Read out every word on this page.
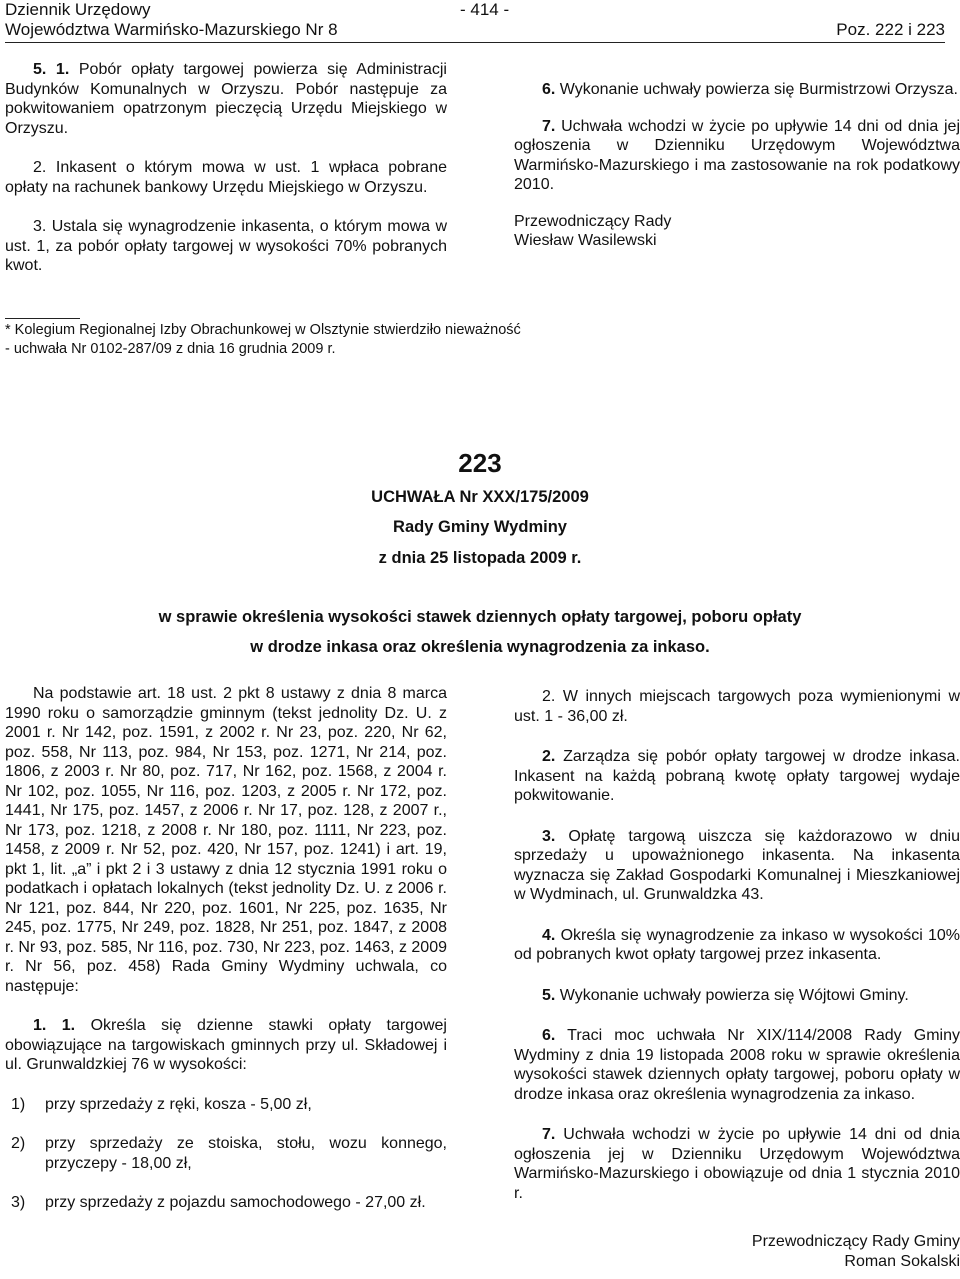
Dziennik Urzędowy
Województwa Warmińsko-Mazurskiego Nr 8
- 414 -
Poz. 222 i 223

5. 1. Pobór opłaty targowej powierza się Administracji Budynków Komunalnych w Orzyszu. Pobór następuje za pokwitowaniem opatrzonym pieczęcią Urzędu Miejskiego w Orzyszu.

2. Inkasent o którym mowa w ust. 1 wpłaca pobrane opłaty na rachunek bankowy Urzędu Miejskiego w Orzyszu.

3. Ustala się wynagrodzenie inkasenta, o którym mowa w ust. 1, za pobór opłaty targowej w wysokości 70% pobranych kwot.

6. Wykonanie uchwały powierza się Burmistrzowi Orzysza.

7. Uchwała wchodzi w życie po upływie 14 dni od dnia jej ogłoszenia w Dzienniku Urzędowym Województwa Warmińsko-Mazurskiego i ma zastosowanie na rok podatkowy 2010.

Przewodniczący Rady
Wiesław Wasilewski
* Kolegium Regionalnej Izby Obrachunkowej w Olsztynie stwierdziło nieważność
- uchwała Nr 0102-287/09 z dnia 16 grudnia 2009 r.
223
UCHWAŁA Nr XXX/175/2009
Rady Gminy Wydminy
z dnia 25 listopada 2009 r.
w sprawie określenia wysokości stawek dziennych opłaty targowej, poboru opłaty
w drodze inkasa oraz określenia wynagrodzenia za inkaso.

Na podstawie art. 18 ust. 2 pkt 8 ustawy z dnia 8 marca 1990 roku o samorządzie gminnym (tekst jednolity Dz. U. z 2001 r. Nr 142, poz. 1591, z 2002 r. Nr 23, poz. 220, Nr 62, poz. 558, Nr 113, poz. 984, Nr 153, poz. 1271, Nr 214, poz. 1806, z 2003 r. Nr 80, poz. 717, Nr 162, poz. 1568, z 2004 r. Nr 102, poz. 1055, Nr 116, poz. 1203, z 2005 r. Nr 172, poz. 1441, Nr 175, poz. 1457, z 2006 r. Nr 17, poz. 128, z 2007 r., Nr 173, poz. 1218, z 2008 r. Nr 180, poz. 1111, Nr 223, poz. 1458, z 2009 r. Nr 52, poz. 420, Nr 157, poz. 1241) i art. 19, pkt 1, lit. „a” i pkt 2 i 3 ustawy z dnia 12 stycznia 1991 roku o podatkach i opłatach lokalnych (tekst jednolity Dz. U. z 2006 r. Nr 121, poz. 844, Nr 220, poz. 1601, Nr 225, poz. 1635, Nr 245, poz. 1775, Nr 249, poz. 1828, Nr 251, poz. 1847, z 2008 r. Nr 93, poz. 585, Nr 116, poz. 730, Nr 223, poz. 1463, z 2009 r. Nr 56, poz. 458) Rada Gminy Wydminy uchwala, co następuje:

1. 1. Określa się dzienne stawki opłaty targowej obowiązujące na targowiskach gminnych przy ul. Składowej i ul. Grunwaldzkiej 76 w wysokości:

1) przy sprzedaży z ręki, kosza - 5,00 zł,
2) przy sprzedaży ze stoiska, stołu, wozu konnego, przyczepy - 18,00 zł,
3) przy sprzedaży z pojazdu samochodowego - 27,00 zł.

2. W innych miejscach targowych poza wymienionymi w ust. 1 - 36,00 zł.

2. Zarządza się pobór opłaty targowej w drodze inkasa. Inkasent na każdą pobraną kwotę opłaty targowej wydaje pokwitowanie.

3. Opłatę targową uiszcza się każdorazowo w dniu sprzedaży u upoważnionego inkasenta. Na inkasenta wyznacza się Zakład Gospodarki Komunalnej i Mieszkaniowej w Wydminach, ul. Grunwaldzka 43.

4. Określa się wynagrodzenie za inkaso w wysokości 10% od pobranych kwot opłaty targowej przez inkasenta.

5. Wykonanie uchwały powierza się Wójtowi Gminy.

6. Traci moc uchwała Nr XIX/114/2008 Rady Gminy Wydminy z dnia 19 listopada 2008 roku w sprawie określenia wysokości stawek dziennych opłaty targowej, poboru opłaty w drodze inkasa oraz określenia wynagrodzenia za inkaso.

7. Uchwała wchodzi w życie po upływie 14 dni od dnia ogłoszenia jej w Dzienniku Urzędowym Województwa Warmińsko-Mazurskiego i obowiązuje od dnia 1 stycznia 2010 r.

Przewodniczący Rady Gminy
Roman Sokalski
